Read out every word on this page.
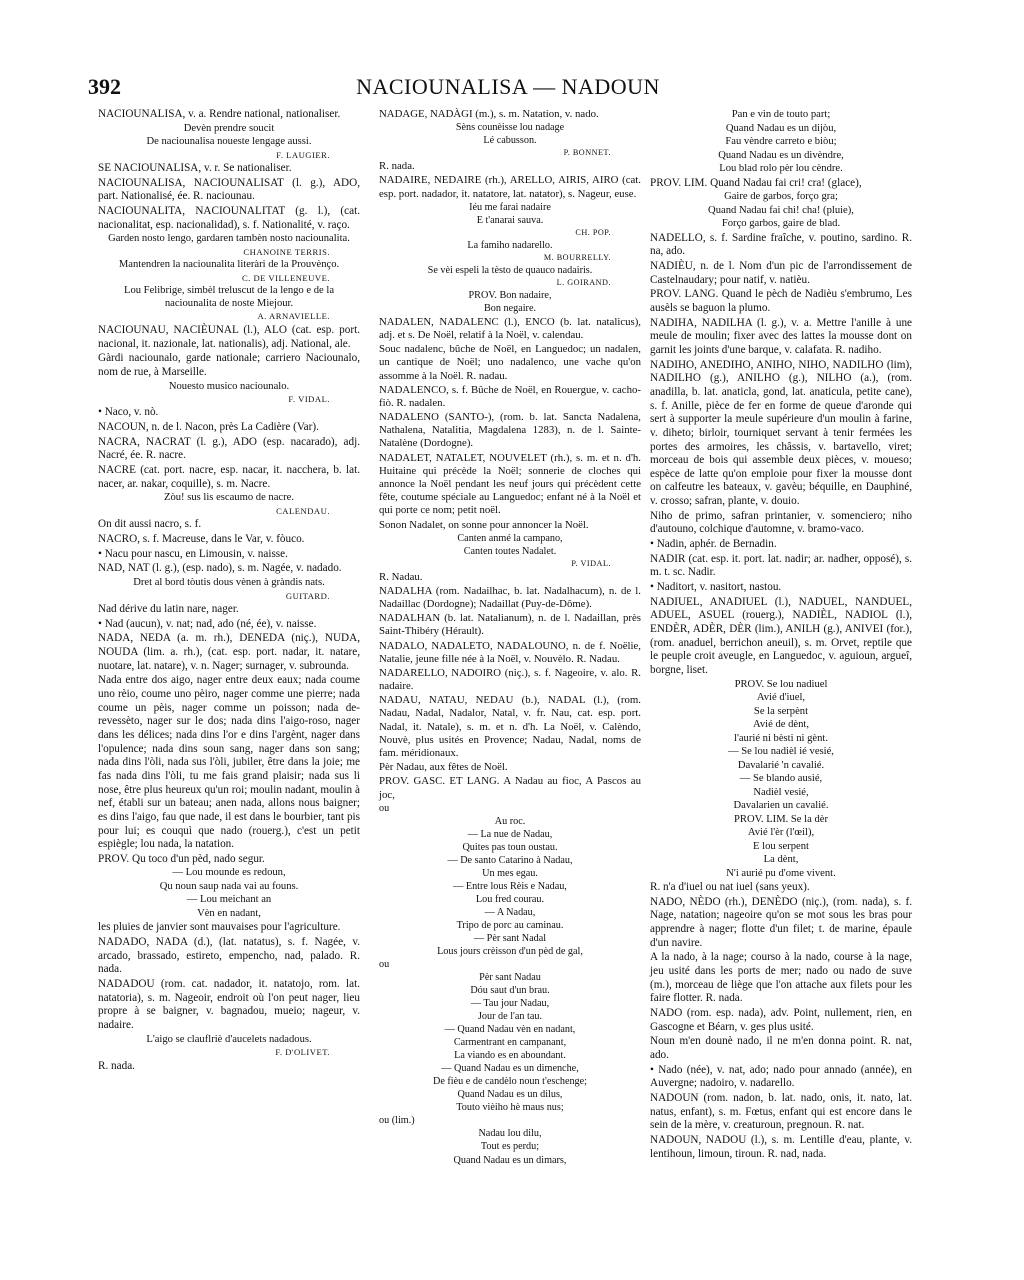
392	NACIOUNALISA — NADOUN

NACIOUNALISA, v. a. Rendre national, nationaliser.

Devèn prendre soucit

De naciounalisa noueste lengage aussi.

F. LAUGIER.

SE NACIOUNALISA, v. r. Se nationaliser.

NACIOUNALISA, NACIOUNALISAT (l. g.), ADO, part. Nationalisé, ée. R. naciounau.

NACIOUNALITA, NACIOUNALITAT (g. l.), (cat. nacionalitat, esp. nacionalidad), s. f. Nationalité, v. raço.

Garden nosto lengo, gardaren tambèn nosto naciounalita.

CHANOINE TERRIS.

Mantendren la naciounalita literàri de la Prouvènço.

C. DE VILLENEUVE.

Lou Felibrige, simbèl treluscut de la lengo e de la naciounalita de noste Miejour.

A. ARNAVIELLE.

NACIOUNAU, NACIÈUNAL (l.), ALO (cat. esp. port. nacional, it. nazionale, lat. nationalis), adj. National, ale.

Gàrdi naciounalo, garde nationale; carriero Naciounalo, nom de rue, à Marseille.

Nouesto musico naciounalo.

F. VIDAL.

• Naco, v. nò.

NACOUN, n. de l. Nacon, près La Cadière (Var).

NACRA, NACRAT (l. g.), ADO (esp. nacarado), adj. Nacré, ée. R. nacre.

NACRE (cat. port. nacre, esp. nacar, it. nacchera, b. lat. nacer, ar. nakar, coquille), s. m. Nacre.

Zòu! sus lis escaumo de nacre.

CALENDAU.

On dit aussi nacro, s. f.

NACRO, s. f. Macreuse, dans le Var, v. fòuco.

• Nacu pour nascu, en Limousin, v. naisse.

NAD, NAT (l. g.), (esp. nado), s. m. Nagée, v. nadado.

Dret al bord tòutis dous vènen à gràndis nats.

GUITARD.

Nad dérive du latin nare, nager.

• Nad (aucun), v. nat; nad, ado (né, ée), v. naisse.

NADA, NEDA (a. m. rh.), DENEDA (niç.), NUDA, NOUDA (lim. a. rh.), (cat. esp. port. nadar, it. natare, nuotare, lat. natare), v. n. Nager; surnager, v. subrounda.

Nada entre dos aigo, nager entre deux eaux; nada coume uno rèio, coume uno pèiro, nager comme une pierre; nada coume un pèis, nager comme un poisson; nada de-revessèto, nager sur le dos; nada dins l'aigo-roso, nager dans les délices; nada dins l'or e dins l'argènt, nager dans l'opulence; nada dins soun sang, nager dans son sang; nada dins l'òli, nada sus l'òli, jubiler, être dans la joie; me fas nada dins l'òli, tu me fais grand plaisir; nada sus li nose, être plus heureux qu'un roi; moulin nadant, moulin à nef, établi sur un bateau; anen nada, allons nous baigner; es dins l'aigo, fau que nade, il est dans le bourbier, tant pis pour lui; es couquì que nado (rouerg.), c'est un petit espiègle; lou nada, la natation.

PROV. Qu toco d'un pèd, nado segur.

— Lou mounde es redoun,

Qu noun saup nada vai au founs.

— Lou meichant an

Vèn en nadant,

les pluies de janvier sont mauvaises pour l'agriculture.

NADADO, NADA (d.), (lat. natatus), s. f. Nagée, v. arcado, brassado, estireto, empencho, nad, palado. R. nada.

NADADOU (rom. cat. nadador, it. natatojo, rom. lat. natatoria), s. m. Nageoir, endroit où l'on peut nager, lieu propre à se baigner, v. bagnadou, mueio; nageur, v. nadaire.

L'aigo se clauflriè d'aucelets nadadous.

F. D'OLIVET.

R. nada.

NADAGE, NADÀGI (m.), s. m. Natation, v. nado.

Sèns counèisse lou nadage

Lé cabusson.

P. BONNET.

R. nada.

NADAIRE, NEDAIRE (rh.), ARELLO, AIRIS, AIRO (cat. esp. port. nadador, it. natatore, lat. natator), s. Nageur, euse.

Iéu me farai nadaire

E t'anarai sauva.

CH. POP.

La famiho nadarello.

M. BOURRELLY.

Se vèi espeli la tèsto de quauco nadairis.

L. GOIRAND.

PROV. Bon nadaire,

Bon negaire.

NADALEN, NADALENC (l.), ENCO (b. lat. natalicus), adj. et s. De Noël, relatif à la Noël, v. calendau.

Souc nadalenc, bûche de Noël, en Languedoc; un nadalen, un cantique de Noël; uno nadalenco, une vache qu'on assomme à la Noël. R. nadau.

NADALENCO, s. f. Bûche de Noël, en Rouergue, v. cacho-fiò. R. nadalen.

NADALENO (SANTO-), (rom. b. lat. Sancta Nadalena, Nathalena, Natalitia, Magdalena 1283), n. de l. Sainte-Natalène (Dordogne).

NADALET, NATALET, NOUVELET (rh.), s. m. et n. d'h. Huitaine qui précède la Noël; sonnerie de cloches qui annonce la Noël pendant les neuf jours qui précèdent cette fête, coutume spéciale au Languedoc; enfant né à la Noël et qui porte ce nom; petit noël.

Sonon Nadalet, on sonne pour annoncer la Noël.

Canten anmé la campano,

Canten toutes Nadalet.

P. VIDAL.

R. Nadau.

NADALHA (rom. Nadailhac, b. lat. Nadalhacum), n. de l. Nadaillac (Dordogne); Nadaillat (Puy-de-Dôme).

NADALHAN (b. lat. Natalianum), n. de l. Nadaillan, près Saint-Thibéry (Hérault).

NADALO, NADALETO, NADALOUNO, n. de f. Noëlie, Natalie, jeune fille née à la Noël, v. Nouvèlo. R. Nadau.

NADARELLO, NADOIRO (niç.), s. f. Nageoire, v. alo. R. nadaire.

NADAU, NATAU, NEDAU (b.), NADAL (l.), (rom. Nadau, Nadal, Nadalor, Natal, v. fr. Nau, cat. esp. port. Nadal, it. Natale), s. m. et n. d'h. La Noël, v. Calèndo, Nouvè, plus usités en Provence; Nadau, Nadal, noms de fam. méridionaux.

Pèr Nadau, aux fêtes de Noël.

PROV. GASC. ET LANG. A Nadau au fioc, A Pascos au joc,

ou

Au roc.

— La nue de Nadau,

Quites pas toun oustau.

— De santo Catarino à Nadau,

Un mes egau.

— Entre lous Rèis e Nadau,

Lou fred courau.

— A Nadau,

Tripo de porc au caminau.

— Pèr sant Nadal

Lous jours crèisson d'un pèd de gal,

ou

Pèr sant Nadau

Dóu saut d'un brau.

— Tau jour Nadau,

Jour de l'an tau.

— Quand Nadau vèn en nadant,

Carmentrant en campanant,

La viando es en aboundant.

— Quand Nadau es un dimenche,

De fièu e de candèlo noun t'eschenge;

Quand Nadau es un dilus,

Touto vièiho hè maus nus;

ou (lim.)

Nadau lou dilu,

Tout es perdu;

Quand Nadau es un dimars,

Pan e vin de touto part;

Quand Nadau es un dijòu,

Fau vèndre carreto e biòu;

Quand Nadau es un divèndre,

Lou blad rolo pèr lou cèndre.

PROV. LIM. Quand Nadau fai cri! cra! (glace),

Gaire de garbos, forço gra;

Quand Nadau fai chi! cha! (pluie),

Forço garbos, gaire de blad.

NADELLO, s. f. Sardine fraîche, v. poutino, sardino. R. na, ado.

NADIÈU, n. de l. Nom d'un pic de l'arrondissement de Castelnaudary; pour natif, v. natièu.

PROV. LANG. Quand le pèch de Nadièu s'embrumo, Les ausèls se baguon la plumo.

NADIHA, NADILHA (l. g.), v. a. Mettre l'anille à une meule de moulin; fixer avec des lattes la mousse dont on garnit les joints d'une barque, v. calafata. R. nadiho.

NADIHO, ANEDIHO, ANIHO, NIHO, NADILHO (lim), NADILHO (g.), ANILHO (g.), NILHO (a.), (rom. anadilla, b. lat. anaticla, gond, lat. anaticula, petite cane), s. f. Anille, pièce de fer en forme de queue d'aronde qui sert à supporter la meule supérieure d'un moulin à farine, v. diheto; birloir, tourniquet servant à tenir fermées les portes des armoires, les châssis, v. bartavello, viret; morceau de bois qui assemble deux pièces, v. moueso; espèce de latte qu'on emploie pour fixer la mousse dont on calfeutre les bateaux, v. gavèu; béquille, en Dauphiné, v. crosso; safran, plante, v. douio.

Niho de primo, safran printanier, v. somenciero; niho d'autouno, colchique d'automne, v. bramo-vaco.

• Nadin, aphér. de Bernadin.

NADIR (cat. esp. it. port. lat. nadir; ar. nadher, opposé), s. m. t. sc. Nadir.

• Naditort, v. nasitort, nastou.

NADIUEL, ANADIUEL (l.), NADUEL, NANDUEL, ADUEL, ASUEL (rouerg.), NADIÈL, NADIOL (l.), ENDÈR, ADÈR, DÈR (lim.), ANILH (g.), ANIVEI (for.), (rom. anaduel, berrichon aneuil), s. m. Orvet, reptile que le peuple croit aveugle, en Languedoc, v. aguioun, argueî, borgne, liset.

PROV. Se lou nadiuel

Avié d'iuel,

Se la serpènt

Avié de dènt,

l'aurié ni bèsti ni gènt.

— Se lou nadièl ié vesié,

Davalarié 'n cavalié.

— Se blando ausié,

Nadièl vesié,

Davalarien un cavalié.

PROV. LIM. Se la dèr

Avié l'èr (l'œil),

E lou serpent

La dènt,

N'i aurié pu d'ome vivent.

R. n'a d'iuel ou nat iuel (sans yeux).

NADO, NÈDO (rh.), DENÈDO (niç.), (rom. nada), s. f. Nage, natation; nageoire qu'on se mot sous les bras pour apprendre à nager; flotte d'un filet; t. de marine, épaule d'un navire.

A la nado, à la nage; courso à la nado, course à la nage, jeu usité dans les ports de mer; nado ou nado de suve (m.), morceau de liège que l'on attache aux filets pour les faire flotter. R. nada.

NADO (rom. esp. nada), adv. Point, nullement, rien, en Gascogne et Béarn, v. ges plus usité.

Noun m'en dounè nado, il ne m'en donna point. R. nat, ado.

• Nado (née), v. nat, ado; nado pour annado (année), en Auvergne; nadoiro, v. nadarello.

NADOUN (rom. nadon, b. lat. nado, onis, it. nato, lat. natus, enfant), s. m. Fœtus, enfant qui est encore dans le sein de la mère, v. creaturoun, pregnoun. R. nat.

NADOUN, NADOU (l.), s. m. Lentille d'eau, plante, v. lentihoun, limoun, tiroun. R. nad, nada.
